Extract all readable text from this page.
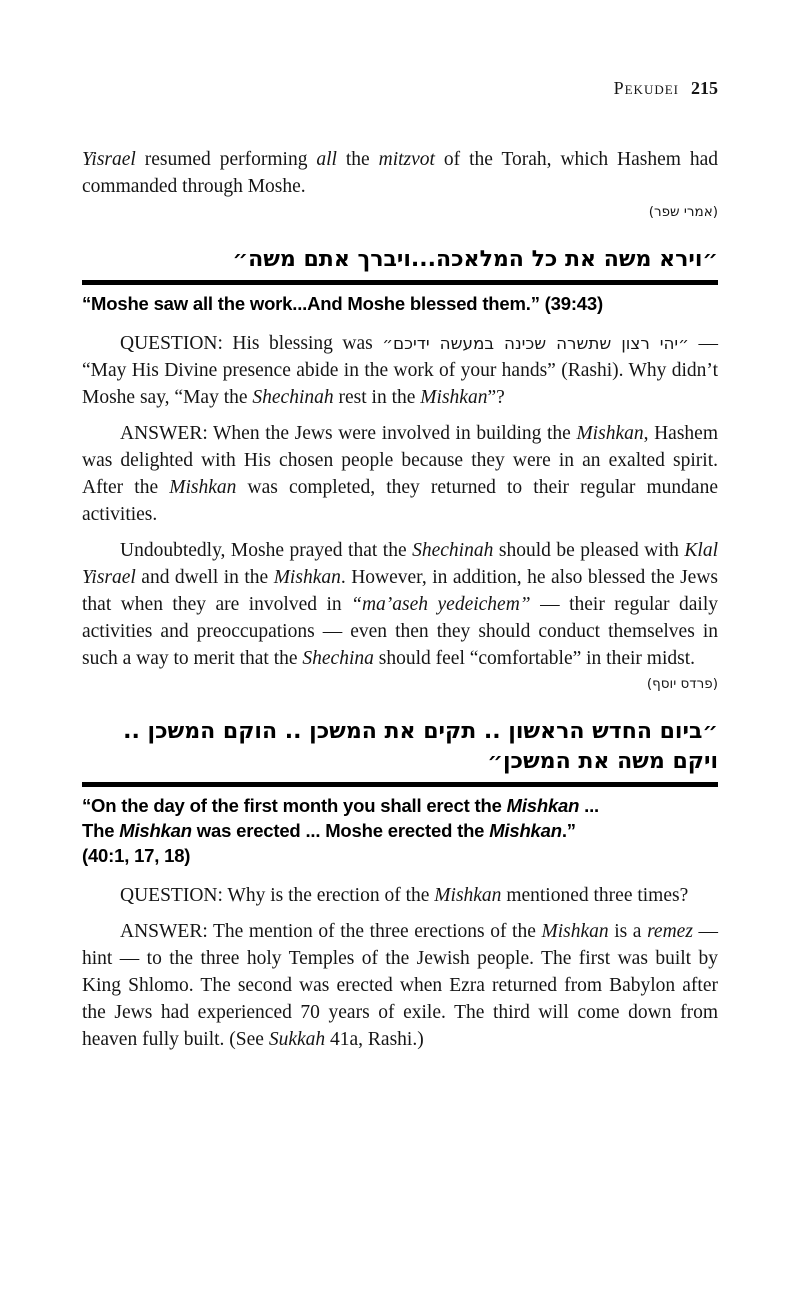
Pekudei 215

Yisrael resumed performing all the mitzvot of the Torah, which Hashem had commanded through Moshe.

(אמרי שפר)
״וירא משה את כל המלאכה...ויברך אתם משה״
“Moshe saw all the work...And Moshe blessed them.” (39:43)

QUESTION: His blessing was ״יהי רצון שתשרה שכינה במעשה ידיכם״ — “May His Divine presence abide in the work of your hands” (Rashi). Why didn’t Moshe say, “May the Shechinah rest in the Mishkan”?

ANSWER: When the Jews were involved in building the Mishkan, Hashem was delighted with His chosen people because they were in an exalted spirit. After the Mishkan was completed, they returned to their regular mundane activities.

Undoubtedly, Moshe prayed that the Shechinah should be pleased with Klal Yisrael and dwell in the Mishkan. However, in addition, he also blessed the Jews that when they are involved in “ma’aseh yedeichem” — their regular daily activities and preoccupations — even then they should conduct themselves in such a way to merit that the Shechina should feel “comfortable” in their midst.

(פרדס יוסף)
״ביום החדש הראשון .. תקים את המשכן .. הוקם המשכן .. ויקם משה את המשכן״
“On the day of the first month you shall erect the Mishkan ...
The Mishkan was erected ... Moshe erected the Mishkan.”
(40:1, 17, 18)

QUESTION: Why is the erection of the Mishkan mentioned three times?

ANSWER: The mention of the three erections of the Mishkan is a remez — hint — to the three holy Temples of the Jewish people. The first was built by King Shlomo. The second was erected when Ezra returned from Babylon after the Jews had experienced 70 years of exile. The third will come down from heaven fully built. (See Sukkah 41a, Rashi.)
